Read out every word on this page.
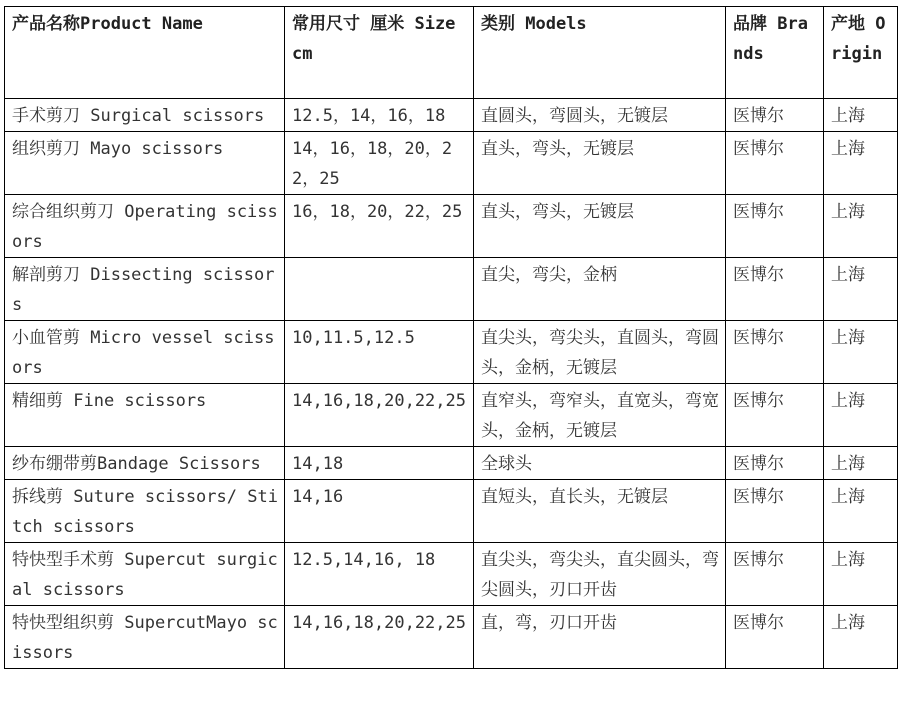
产品名称Product Name	常用尺寸 厘米 Size cm	类别 Models	品牌 Brands	产地 Origin
手术剪刀 Surgical scissors	12.5，14，16，18	直圆头，弯圆头，无镀层	医博尔	上海
组织剪刀 Mayo scissors	14，16，18，20，22，25	直头，弯头，无镀层	医博尔	上海
综合组织剪刀 Operating scissors	16，18，20，22，25	直头，弯头，无镀层	医博尔	上海
解剖剪刀 Dissecting scissors		直尖，弯尖，金柄	医博尔	上海
小血管剪 Micro vessel scissors	10,11.5,12.5	直尖头，弯尖头，直圆头，弯圆头，金柄，无镀层	医博尔	上海
精细剪 Fine scissors	14,16,18,20,22,25	直窄头，弯窄头，直宽头，弯宽头，金柄，无镀层	医博尔	上海
纱布绷带剪Bandage Scissors	14,18	全球头	医博尔	上海
拆线剪 Suture scissors/ Stitch scissors	14,16	直短头，直长头，无镀层	医博尔	上海
特快型手术剪 Supercut surgical scissors	12.5,14,16, 18	直尖头，弯尖头，直尖圆头，弯尖圆头，刃口开齿	医博尔	上海
特快型组织剪 SupercutMayo scissors	14,16,18,20,22,25	直，弯，刃口开齿	医博尔	上海
